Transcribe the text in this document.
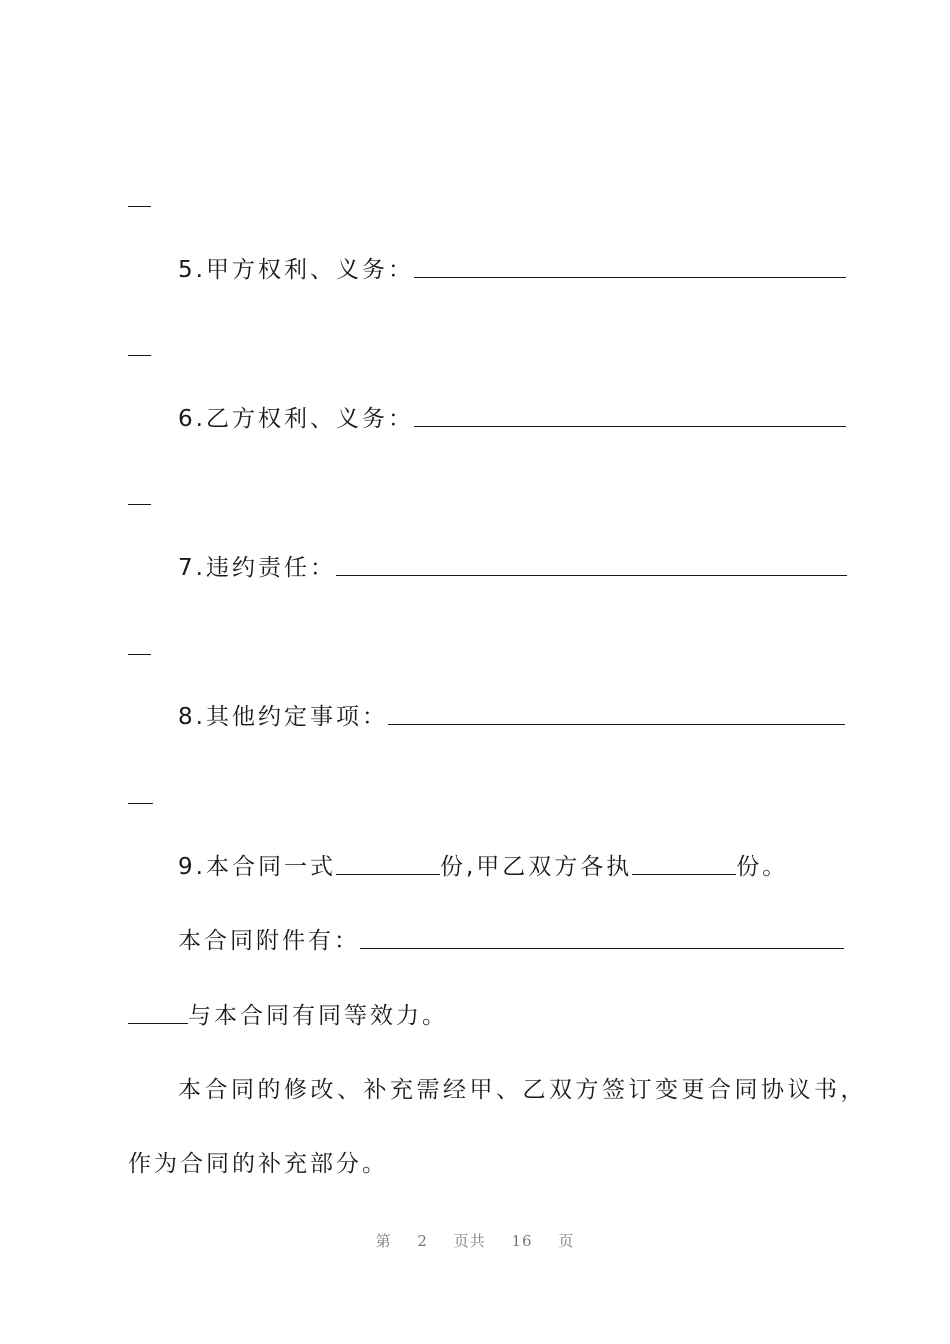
5.甲方权利、义务：
6.乙方权利、义务：
7.违约责任：
8.其他约定事项：
9.本合同一式	份,甲乙双方各执	份。
本合同附件有：
与本合同有同等效力。
本合同的修改、补充需经甲、乙双方签订变更合同协议书，
作为合同的补充部分。
第 2 页共 16 页
